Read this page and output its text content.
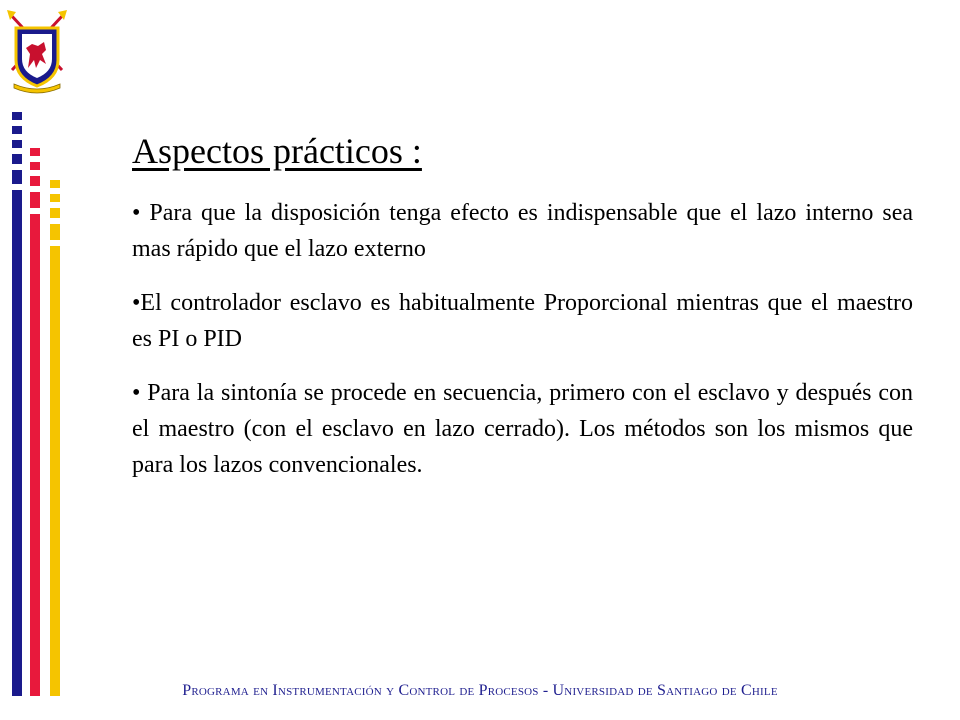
Aspectos prácticos :

• Para que la disposición tenga efecto es indispensable que el lazo interno sea mas rápido que el lazo externo

•El controlador esclavo es habitualmente Proporcional mientras que el maestro es PI o PID

• Para la sintonía se procede en secuencia, primero con el esclavo y después con el maestro (con el esclavo en lazo cerrado). Los métodos son los mismos que para los lazos convencionales.

Programa en Instrumentación y Control de Procesos - Universidad de Santiago de Chile
